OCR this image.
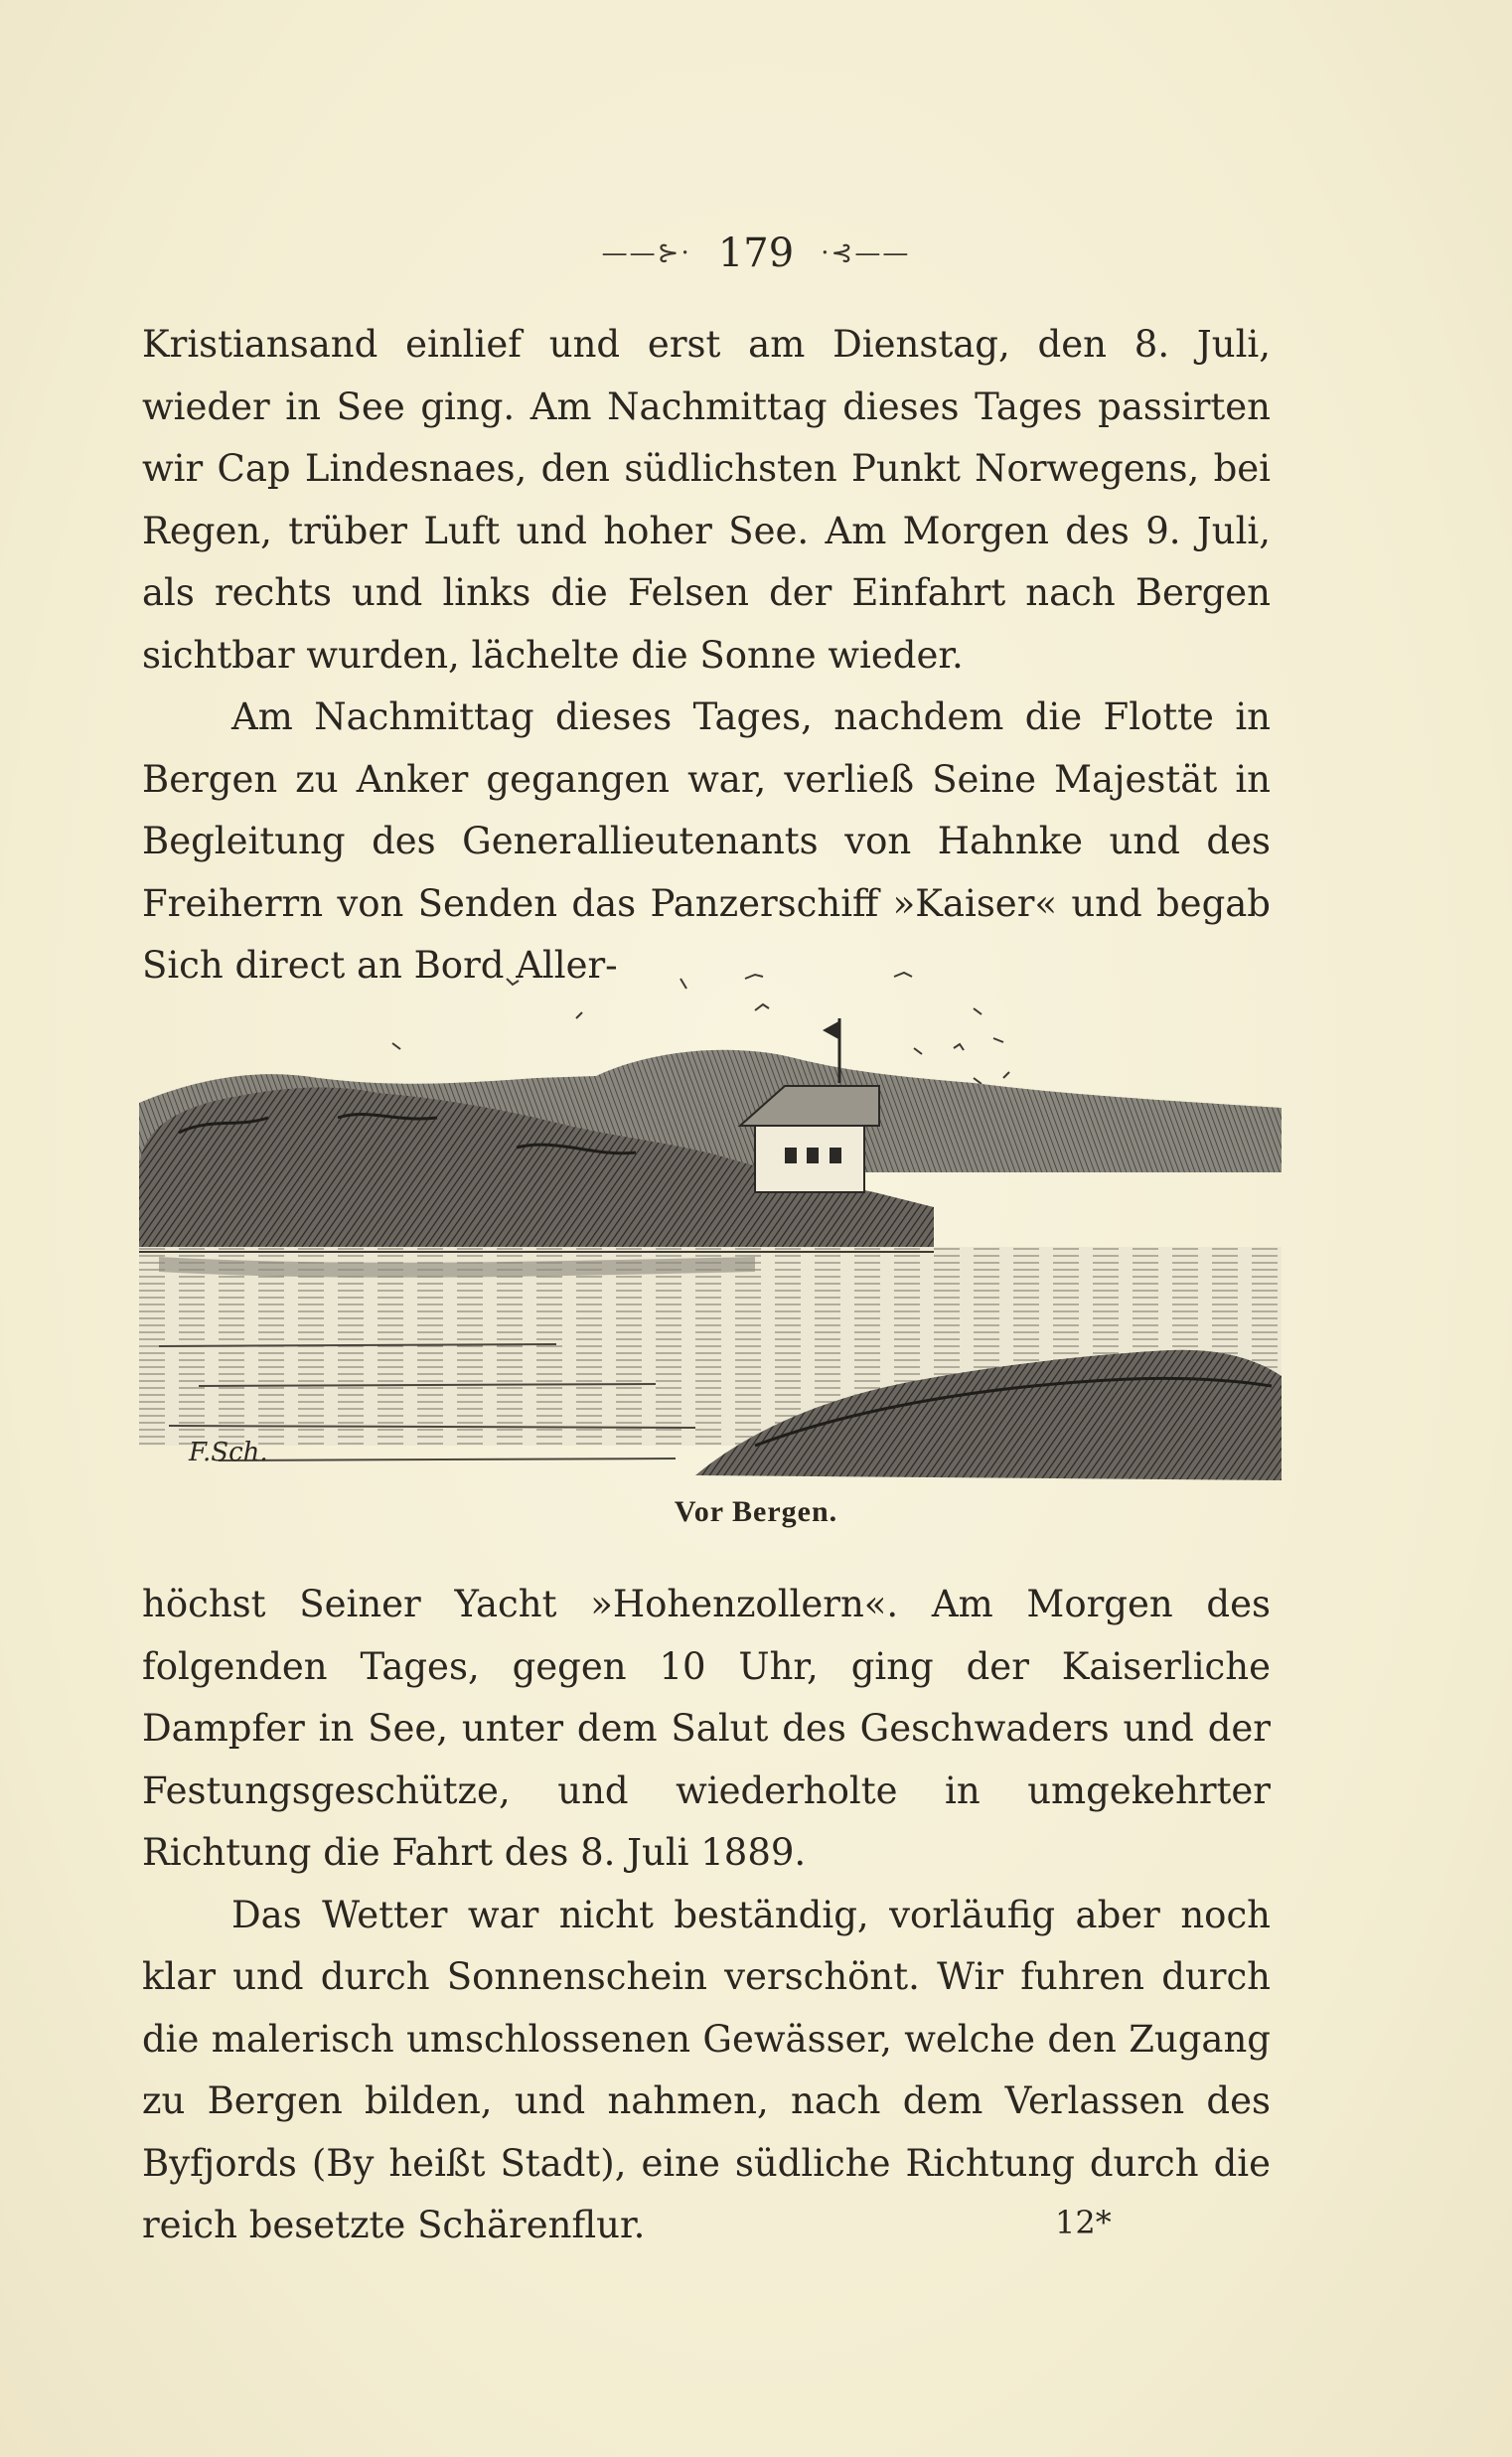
——⊱· 179 ·⊰——

Kristiansand einlief und erst am Dienstag, den 8. Juli, wieder in See ging. Am Nachmittag dieses Tages passirten wir Cap Lindesnaes, den südlichsten Punkt Norwegens, bei Regen, trüber Luft und hoher See. Am Morgen des 9. Juli, als rechts und links die Felsen der Einfahrt nach Bergen sichtbar wurden, lächelte die Sonne wieder.

Am Nachmittag dieses Tages, nachdem die Flotte in Bergen zu Anker gegangen war, verließ Seine Majestät in Begleitung des Generallieutenants von Hahnke und des Freiherrn von Senden das Panzerschiff »Kaiser« und begab Sich direct an Bord Aller-

F.Sch.
Vor Bergen.

höchst Seiner Yacht »Hohenzollern«. Am Morgen des folgenden Tages, gegen 10 Uhr, ging der Kaiserliche Dampfer in See, unter dem Salut des Geschwaders und der Festungsgeschütze, und wiederholte in umgekehrter Richtung die Fahrt des 8. Juli 1889.

Das Wetter war nicht beständig, vorläufig aber noch klar und durch Sonnenschein verschönt. Wir fuhren durch die malerisch umschlossenen Gewässer, welche den Zugang zu Bergen bilden, und nahmen, nach dem Verlassen des Byfjords (By heißt Stadt), eine südliche Richtung durch die reich besetzte Schärenflur.	12*
